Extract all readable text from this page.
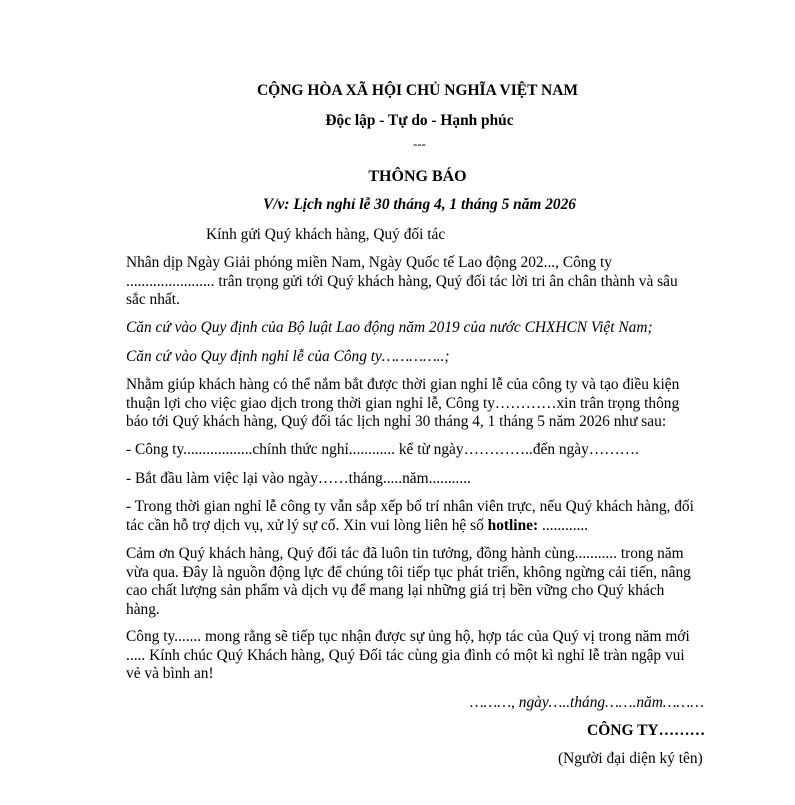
CỘNG HÒA XÃ HỘI CHỦ NGHĨA VIỆT NAM
Độc lập - Tự do - Hạnh phúc
---
THÔNG BÁO
V/v: Lịch nghỉ lễ 30 tháng 4, 1 tháng 5 năm 2026
Kính gửi Quý khách hàng, Quý đối tác

Nhân dịp Ngày Giải phóng miền Nam, Ngày Quốc tế Lao động 202..., Công ty ....................... trân trọng gửi tới Quý khách hàng, Quý đối tác lời tri ân chân thành và sâu sắc nhất.

Căn cứ vào Quy định của Bộ luật Lao động năm 2019 của nước CHXHCN Việt Nam;

Căn cứ vào Quy định nghỉ lễ của Công ty…………..;

Nhằm giúp khách hàng có thể nắm bắt được thời gian nghỉ lễ của công ty và tạo điều kiện thuận lợi cho việc giao dịch trong thời gian nghỉ lễ, Công ty…………xin trân trọng thông báo tới Quý khách hàng, Quý đối tác lịch nghỉ 30 tháng 4, 1 tháng 5 năm 2026 như sau:

- Công ty..................chính thức nghỉ............ kể từ ngày…………..đến ngày……….

- Bắt đầu làm việc lại vào ngày……tháng.....năm...........

- Trong thời gian nghỉ lễ công ty vẫn sắp xếp bố trí nhân viên trực, nếu Quý khách hàng, đối tác cần hỗ trợ dịch vụ, xử lý sự cố. Xin vui lòng liên hệ số hotline: ............

Cảm ơn Quý khách hàng, Quý đối tác đã luôn tin tưởng, đồng hành cùng........... trong năm vừa qua. Đây là nguồn động lực để chúng tôi tiếp tục phát triển, không ngừng cải tiến, nâng cao chất lượng sản phẩm và dịch vụ để mang lại những giá trị bền vững cho Quý khách hàng.

Công ty....... mong rằng sẽ tiếp tục nhận được sự ủng hộ, hợp tác của Quý vị trong năm mới ..... Kính chúc Quý Khách hàng, Quý Đối tác cùng gia đình có một kì nghỉ lễ tràn ngập vui vẻ và bình an!

………, ngày…..tháng…….năm………
CÔNG TY………
(Người đại diện ký tên)
